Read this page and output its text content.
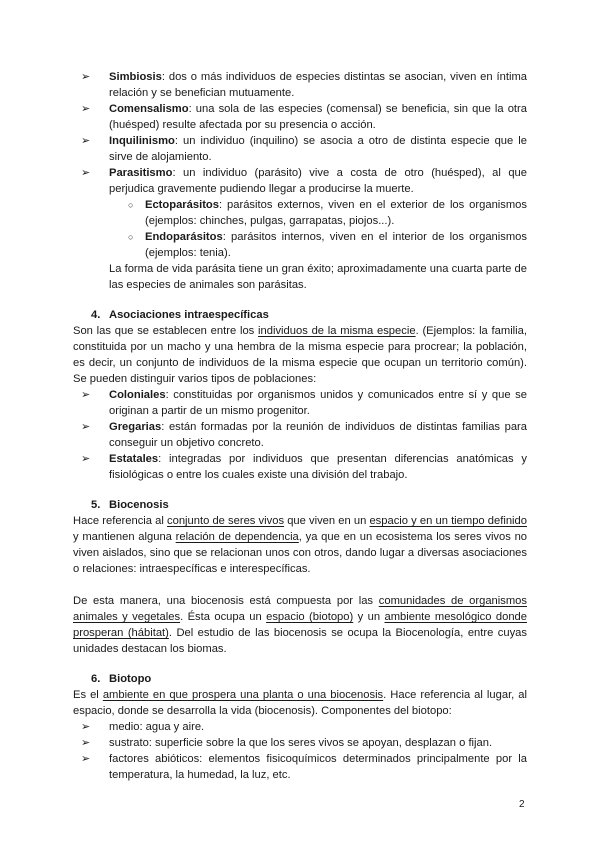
➢ Simbiosis: dos o más individuos de especies distintas se asocian, viven en íntima relación y se benefician mutuamente.
➢ Comensalismo: una sola de las especies (comensal) se beneficia, sin que la otra (huésped) resulte afectada por su presencia o acción.
➢ Inquilinismo: un individuo (inquilino) se asocia a otro de distinta especie que le sirve de alojamiento.
➢ Parasitismo: un individuo (parásito) vive a costa de otro (huésped), al que perjudica gravemente pudiendo llegar a producirse la muerte.
○ Ectoparásitos: parásitos externos, viven en el exterior de los organismos (ejemplos: chinches, pulgas, garrapatas, piojos...).
○ Endoparásitos: parásitos internos, viven en el interior de los organismos (ejemplos: tenia).

La forma de vida parásita tiene un gran éxito; aproximadamente una cuarta parte de las especies de animales son parásitas.

4. Asociaciones intraespecíficas

Son las que se establecen entre los individuos de la misma especie. (Ejemplos: la familia, constituida por un macho y una hembra de la misma especie para procrear; la población, es decir, un conjunto de individuos de la misma especie que ocupan un territorio común). Se pueden distinguir varios tipos de poblaciones:

➢ Coloniales: constituidas por organismos unidos y comunicados entre sí y que se originan a partir de un mismo progenitor.
➢ Gregarias: están formadas por la reunión de individuos de distintas familias para conseguir un objetivo concreto.
➢ Estatales: integradas por individuos que presentan diferencias anatómicas y fisiológicas o entre los cuales existe una división del trabajo.
5. Biocenosis

Hace referencia al conjunto de seres vivos que viven en un espacio y en un tiempo definido y mantienen alguna relación de dependencia, ya que en un ecosistema los seres vivos no viven aislados, sino que se relacionan unos con otros, dando lugar a diversas asociaciones o relaciones: intraespecíficas e interespecíficas.

De esta manera, una biocenosis está compuesta por las comunidades de organismos animales y vegetales. Ésta ocupa un espacio (biotopo) y un ambiente mesológico donde prosperan (hábitat). Del estudio de las biocenosis se ocupa la Biocenología, entre cuyas unidades destacan los biomas.

6. Biotopo

Es el ambiente en que prospera una planta o una biocenosis. Hace referencia al lugar, al espacio, donde se desarrolla la vida (biocenosis). Componentes del biotopo:

➢ medio: agua y aire.
➢ sustrato: superficie sobre la que los seres vivos se apoyan, desplazan o fijan.
➢ factores abióticos: elementos fisicoquímicos determinados principalmente por la temperatura, la humedad, la luz, etc.
2
